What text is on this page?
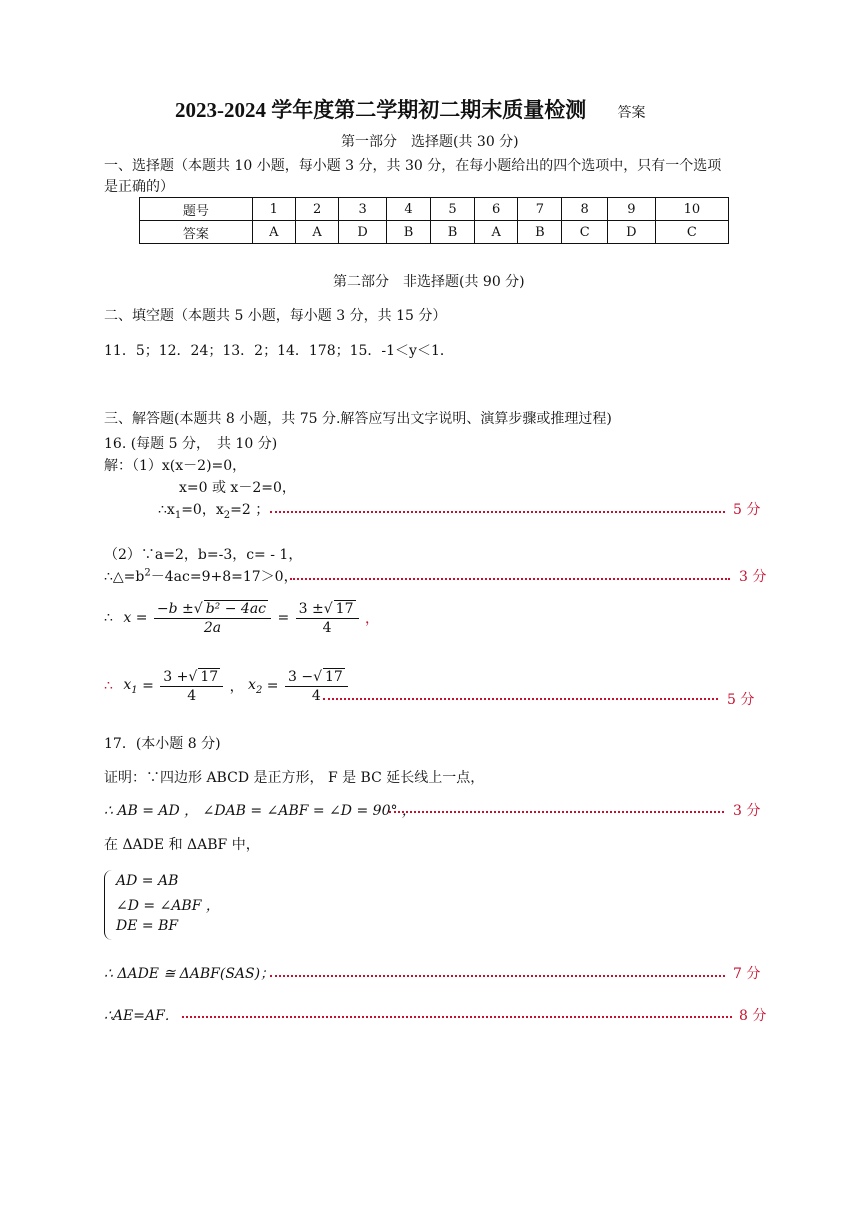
2023-2024 学年度第二学期初二期末质量检测 答案
第一部分　选择题(共 30 分)
一、选择题（本题共 10 小题，每小题 3 分，共 30 分，在每小题给出的四个选项中，只有一个选项
是正确的）
题号	1	2	3	4	5	6	7	8	9	10
答案	A	A	D	B	B	A	B	C	D	C
第二部分　非选择题(共 90 分)
二、填空题（本题共 5 小题，每小题 3 分，共 15 分）
11．5；12．24；13．2；14．178；15．-1＜y＜1．
三、解答题(本题共 8 小题，共 75 分.解答应写出文字说明、演算步骤或推理过程)
16. (每题 5 分，　共 10 分)
解：（1）x(x－2)=0，
x=0 或 x－2=0，
$\therefore x_1=0$，$x_2=2$ ；	5 分
（2）∵a=2，b=-3，c= - 1，
$\therefore\triangle=b^2-4ac=9+8=17>0$，	3 分
∴ $x = \frac{\text{−b ±√ b² − 4ac}}{2a} = \frac{3 \pm√ 17}{4}$ ，
∴ $x_1 = \frac{3 +√ 17}{4}$ ， $x_2 = \frac{3 -√ 17}{4}$	5 分
17．(本小题 8 分)
证明：∵四边形 ABCD 是正方形， F 是 BC 延长线上一点，
∴ AB = AD ， ∠DAB = ∠ABF = ∠D = 90° ，	3 分
在 ΔADE 和 ΔABF 中，
AD = AB
∠D = ∠ABF ，
DE = BF
∴ ΔADE ≅ ΔABF(SAS)；	7 分
∴AE=AF．	8 分
